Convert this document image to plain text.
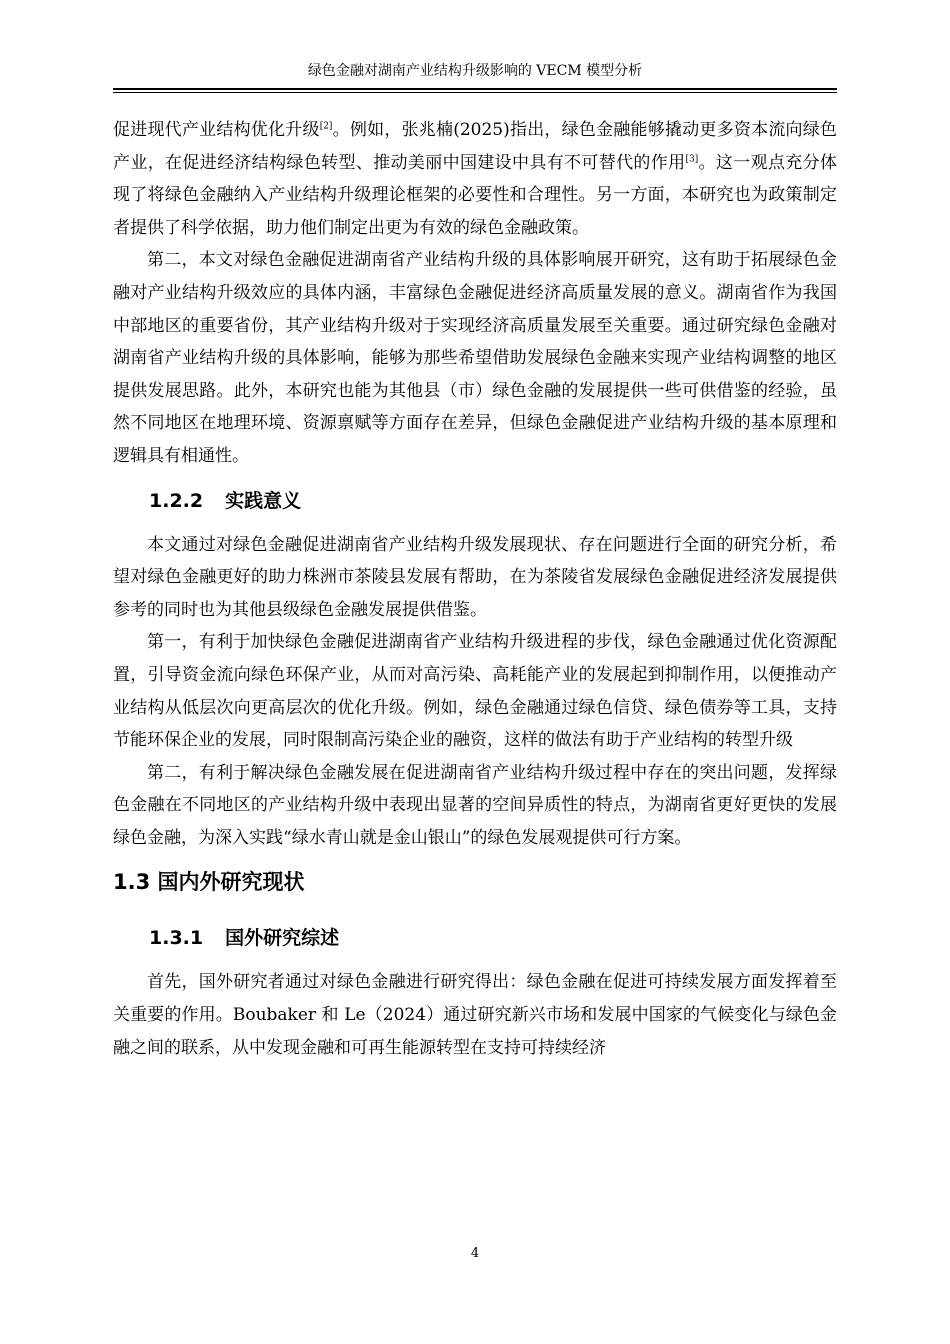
绿色金融对湖南产业结构升级影响的 VECM 模型分析

促进现代产业结构优化升级[2]。例如，张兆楠(2025)指出，绿色金融能够撬动更多资本流向绿色产业，在促进经济结构绿色转型、推动美丽中国建设中具有不可替代的作用[3]。这一观点充分体现了将绿色金融纳入产业结构升级理论框架的必要性和合理性。另一方面，本研究也为政策制定者提供了科学依据，助力他们制定出更为有效的绿色金融政策。

第二，本文对绿色金融促进湖南省产业结构升级的具体影响展开研究，这有助于拓展绿色金融对产业结构升级效应的具体内涵，丰富绿色金融促进经济高质量发展的意义。湖南省作为我国中部地区的重要省份，其产业结构升级对于实现经济高质量发展至关重要。通过研究绿色金融对湖南省产业结构升级的具体影响，能够为那些希望借助发展绿色金融来实现产业结构调整的地区提供发展思路。此外，本研究也能为其他县（市）绿色金融的发展提供一些可供借鉴的经验，虽然不同地区在地理环境、资源禀赋等方面存在差异，但绿色金融促进产业结构升级的基本原理和逻辑具有相通性。

1.2.2 实践意义

本文通过对绿色金融促进湖南省产业结构升级发展现状、存在问题进行全面的研究分析，希望对绿色金融更好的助力株洲市茶陵县发展有帮助，在为茶陵省发展绿色金融促进经济发展提供参考的同时也为其他县级绿色金融发展提供借鉴。

第一，有利于加快绿色金融促进湖南省产业结构升级进程的步伐，绿色金融通过优化资源配置，引导资金流向绿色环保产业，从而对高污染、高耗能产业的发展起到抑制作用，以便推动产业结构从低层次向更高层次的优化升级。例如，绿色金融通过绿色信贷、绿色债券等工具，支持节能环保企业的发展，同时限制高污染企业的融资，这样的做法有助于产业结构的转型升级

第二，有利于解决绿色金融发展在促进湖南省产业结构升级过程中存在的突出问题，发挥绿色金融在不同地区的产业结构升级中表现出显著的空间异质性的特点，为湖南省更好更快的发展绿色金融，为深入实践“绿水青山就是金山银山”的绿色发展观提供可行方案。

1.3 国内外研究现状
1.3.1 国外研究综述

首先，国外研究者通过对绿色金融进行研究得出：绿色金融在促进可持续发展方面发挥着至关重要的作用。Boubaker 和 Le（2024）通过研究新兴市场和发展中国家的气候变化与绿色金融之间的联系，从中发现金融和可再生能源转型在支持可持续经济

4
